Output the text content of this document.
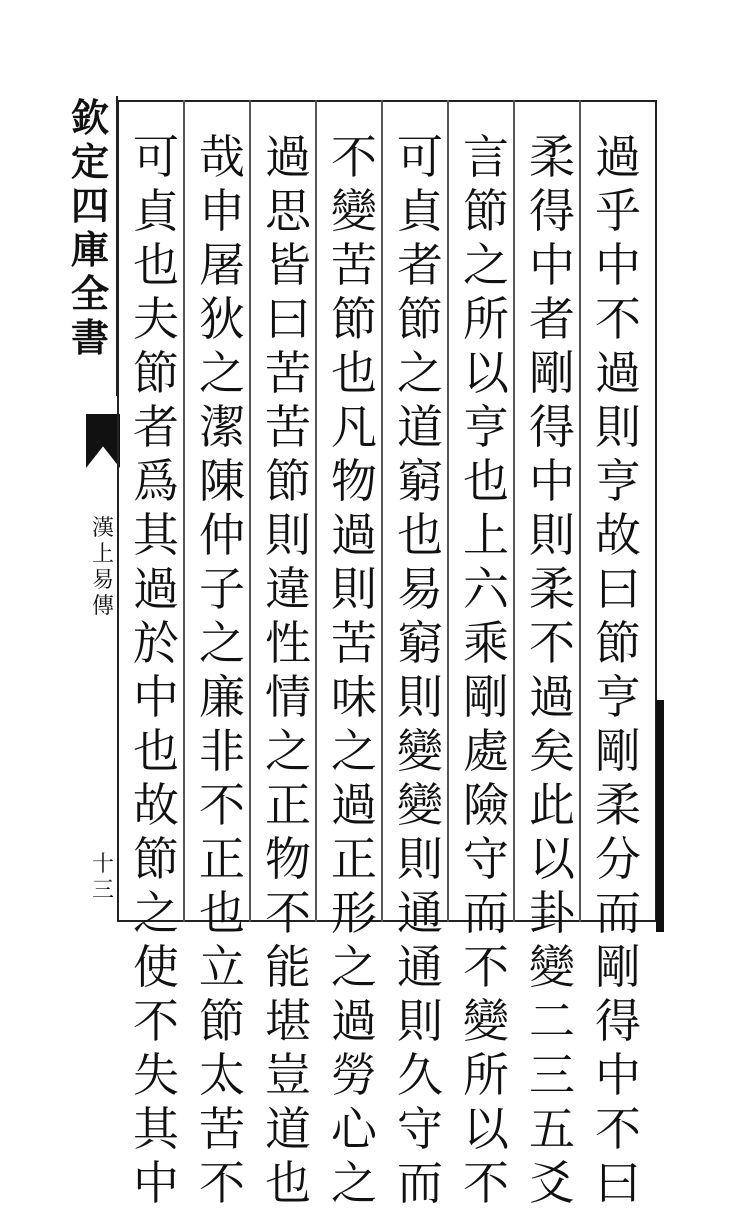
欽
定
四
庫
全
書
漢
上
易
傳
十
三
過
乎
中
不
過
則
亨
故
曰
節
亨
剛
柔
分
而
剛
得
中
不
曰
柔
得
中
者
剛
得
中
則
柔
不
過
矣
此
以
卦
變
二
三
五
爻
言
節
之
所
以
亨
也
上
六
乘
剛
處
險
守
而
不
變
所
以
不
可
貞
者
節
之
道
窮
也
易
窮
則
變
變
則
通
通
則
久
守
而
不
變
苦
節
也
凡
物
過
則
苦
味
之
過
正
形
之
過
勞
心
之
過
思
皆
曰
苦
苦
節
則
違
性
情
之
正
物
不
能
堪
豈
道
也
哉
申
屠
狄
之
潔
陳
仲
子
之
廉
非
不
正
也
立
節
太
苦
不
可
貞
也
夫
節
者
爲
其
過
於
中
也
故
節
之
使
不
失
其
中
